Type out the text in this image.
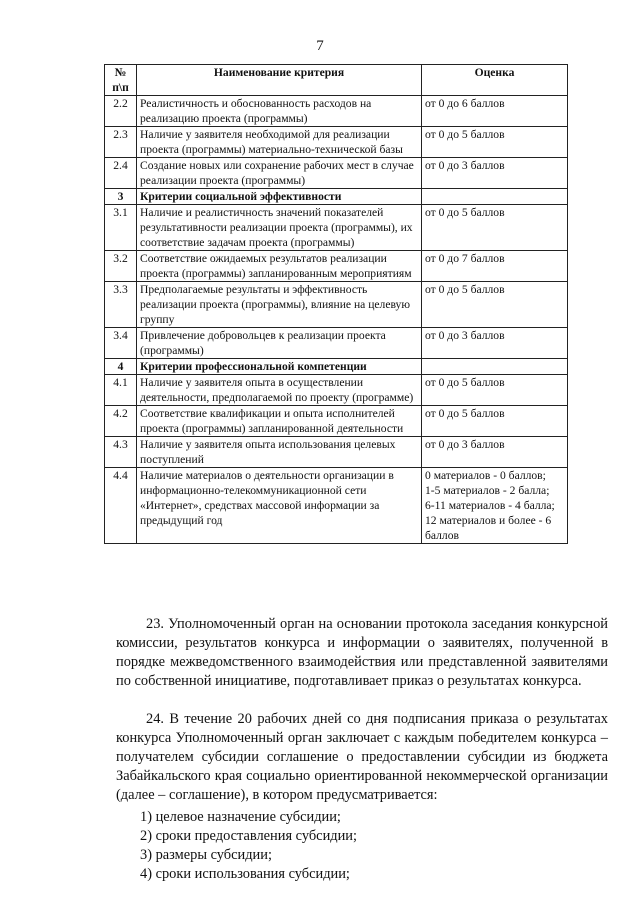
7
№ п\п	Наименование критерия	Оценка
2.2	Реалистичность и обоснованность расходов на реализацию проекта (программы)	от 0 до 6 баллов
2.3	Наличие у заявителя необходимой для реализации проекта (программы) материально-технической базы	от 0 до 5 баллов
2.4	Создание новых или сохранение рабочих мест в случае реализации проекта (программы)	от 0 до 3 баллов
3	Критерии социальной эффективности	
3.1	Наличие и реалистичность значений показателей результативности реализации проекта (программы), их соответствие задачам проекта (программы)	от 0 до 5 баллов
3.2	Соответствие ожидаемых результатов реализации проекта (программы) запланированным мероприятиям	от 0 до 7 баллов
3.3	Предполагаемые результаты и эффективность реализации проекта (программы), влияние на целевую группу	от 0 до 5 баллов
3.4	Привлечение добровольцев к реализации проекта (программы)	от 0 до 3 баллов
4	Критерии профессиональной компетенции	
4.1	Наличие у заявителя опыта в осуществлении деятельности, предполагаемой по проекту (программе)	от 0 до 5 баллов
4.2	Соответствие квалификации и опыта исполнителей проекта (программы) запланированной деятельности	от 0 до 5 баллов
4.3	Наличие у заявителя опыта использования целевых поступлений	от 0 до 3 баллов
4.4	Наличие материалов о деятельности организации в информационно-телекоммуникационной сети «Интернет», средствах массовой информации за предыдущий год	0 материалов - 0 баллов;
1-5 материалов - 2 балла;
6-11 материалов - 4 балла;
12 материалов и более - 6 баллов

23. Уполномоченный орган на основании протокола заседания конкурсной комиссии, результатов конкурса и информации о заявителях, полученной в порядке межведомственного взаимодействия или представленной заявителями по собственной инициативе, подготавливает приказ о результатах конкурса.

24. В течение 20 рабочих дней со дня подписания приказа о результатах конкурса Уполномоченный орган заключает с каждым победителем конкурса – получателем субсидии соглашение о предоставлении субсидии из бюджета Забайкальского края социально ориентированной некоммерческой организации (далее – соглашение), в котором предусматривается:

1) целевое назначение субсидии;
2) сроки предоставления субсидии;
3) размеры субсидии;
4) сроки использования субсидии;
